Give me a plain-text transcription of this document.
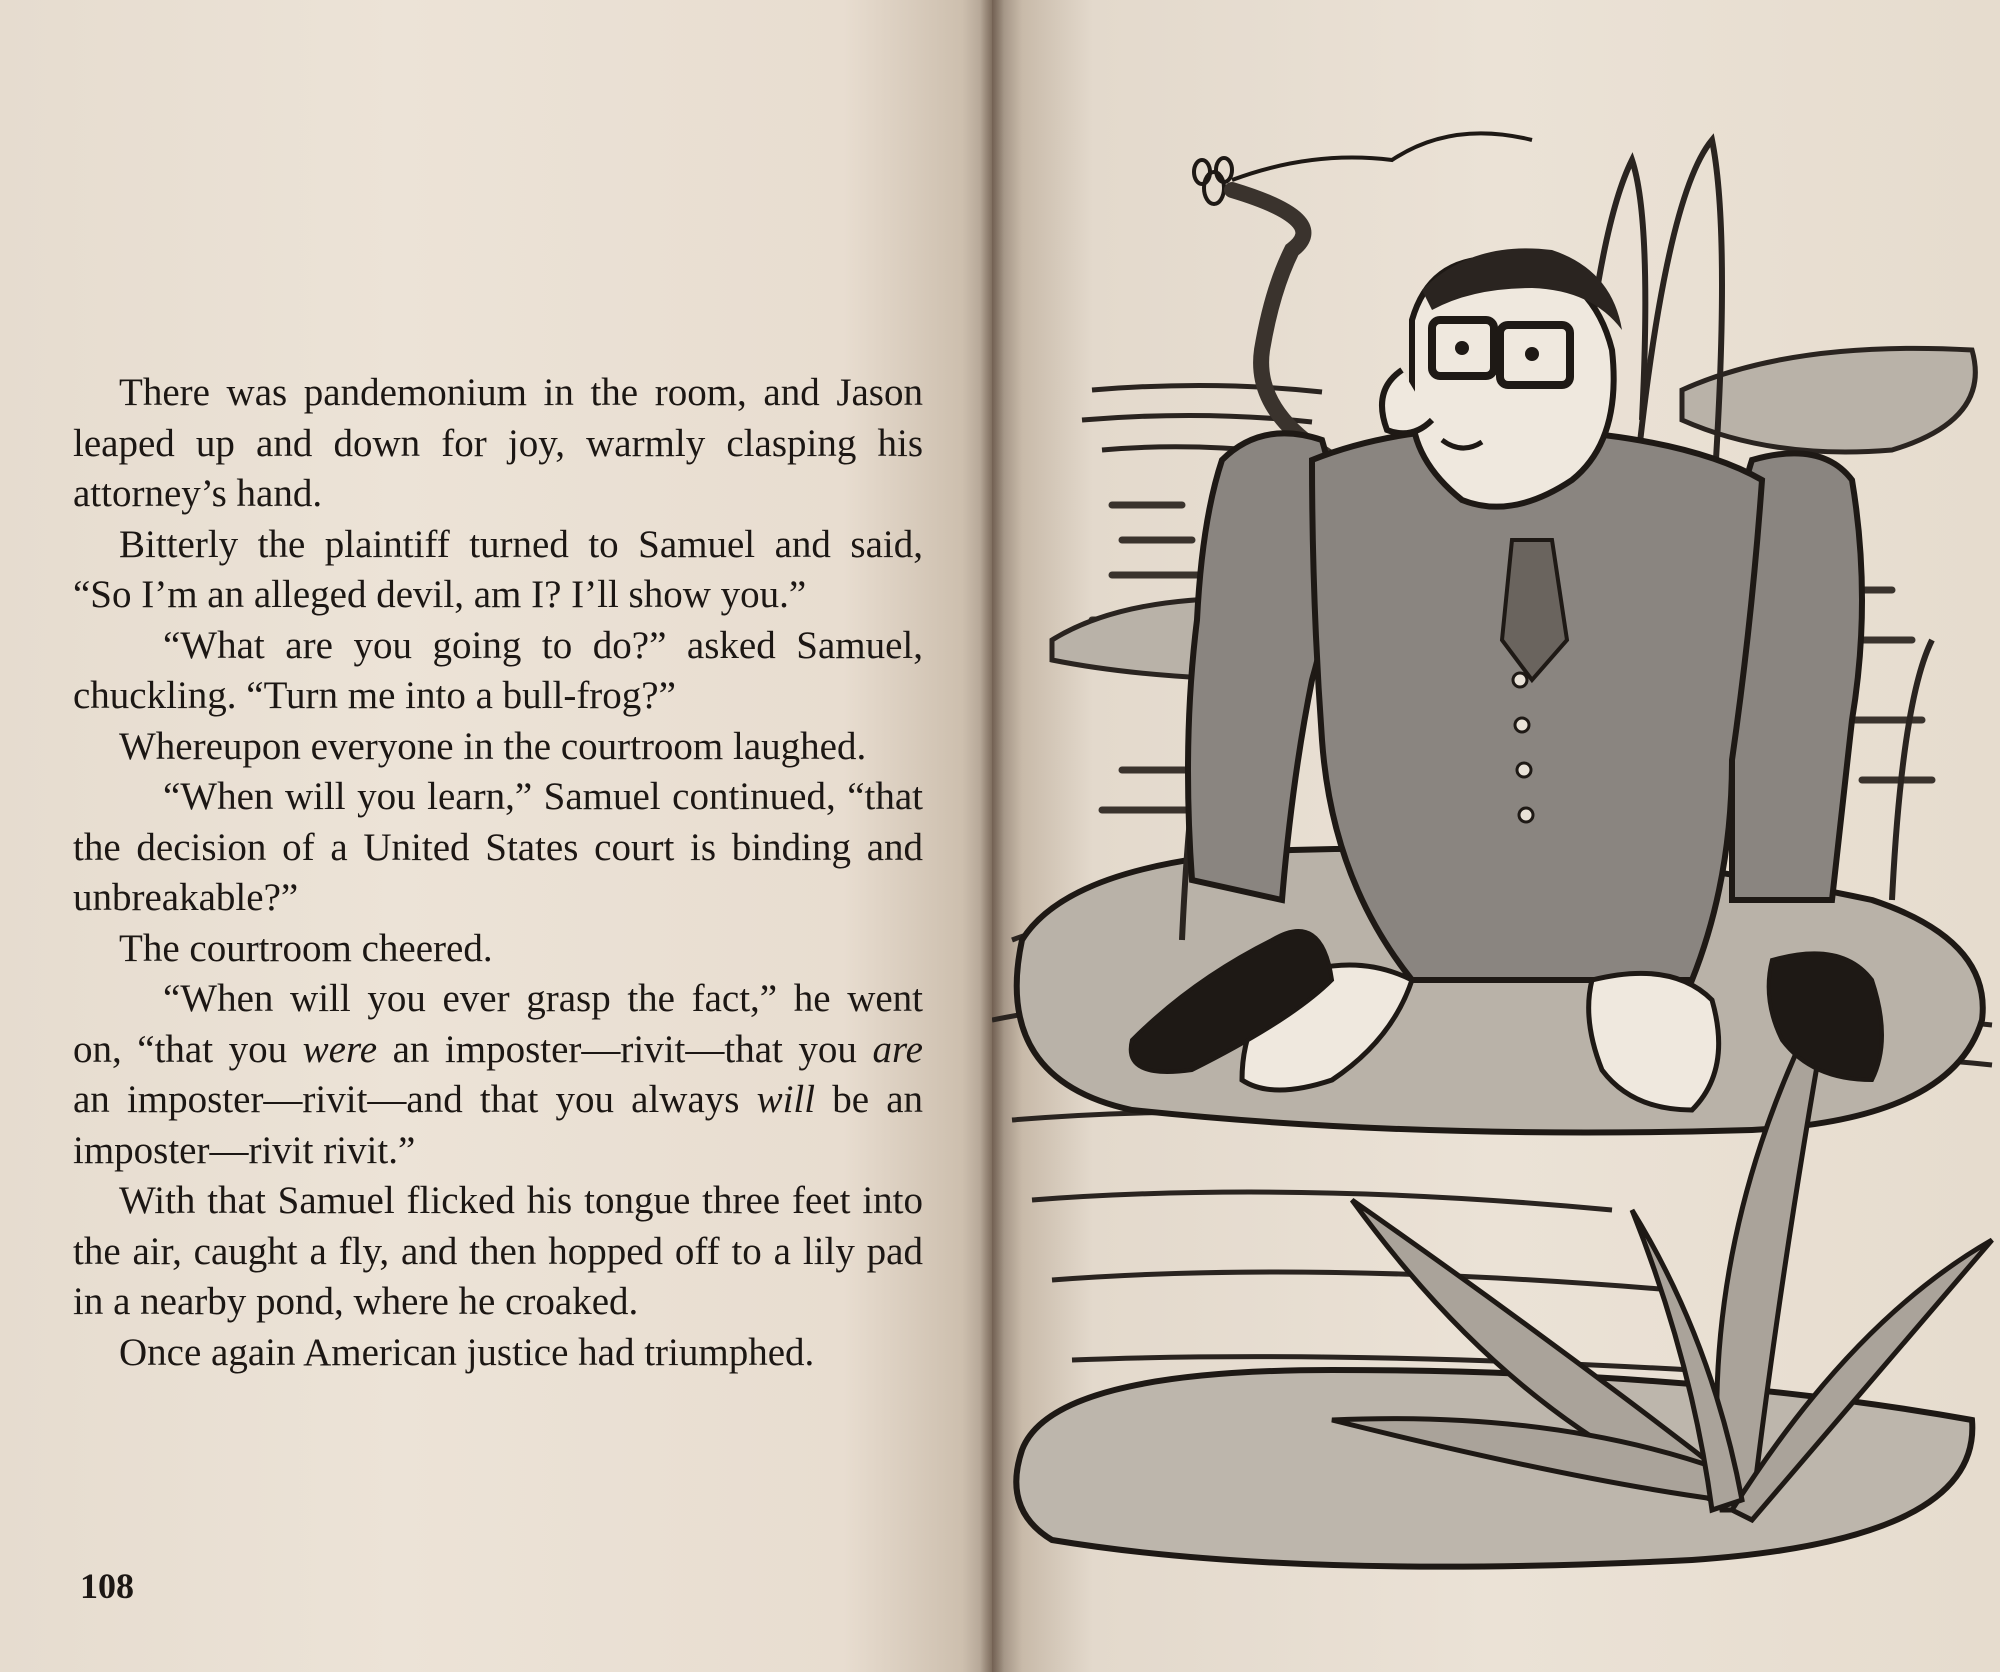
There was pandemonium in the room, and Jason leaped up and down for joy, warmly clasping his attorney’s hand.

Bitterly the plaintiff turned to Samuel and said, “So I’m an alleged devil, am I? I’ll show you.”

“What are you going to do?” asked Samuel, chuckling. “Turn me into a bull-frog?”

Whereupon everyone in the courtroom laughed.

“When will you learn,” Samuel continued, “that the decision of a United States court is binding and unbreakable?”

The courtroom cheered.

“When will you ever grasp the fact,” he went on, “that you were an imposter—rivit—that you are an imposter—rivit—and that you always will be an imposter—rivit rivit.”

With that Samuel flicked his tongue three feet into the air, caught a fly, and then hopped off to a lily pad in a nearby pond, where he croaked.

Once again American justice had triumphed.

108
